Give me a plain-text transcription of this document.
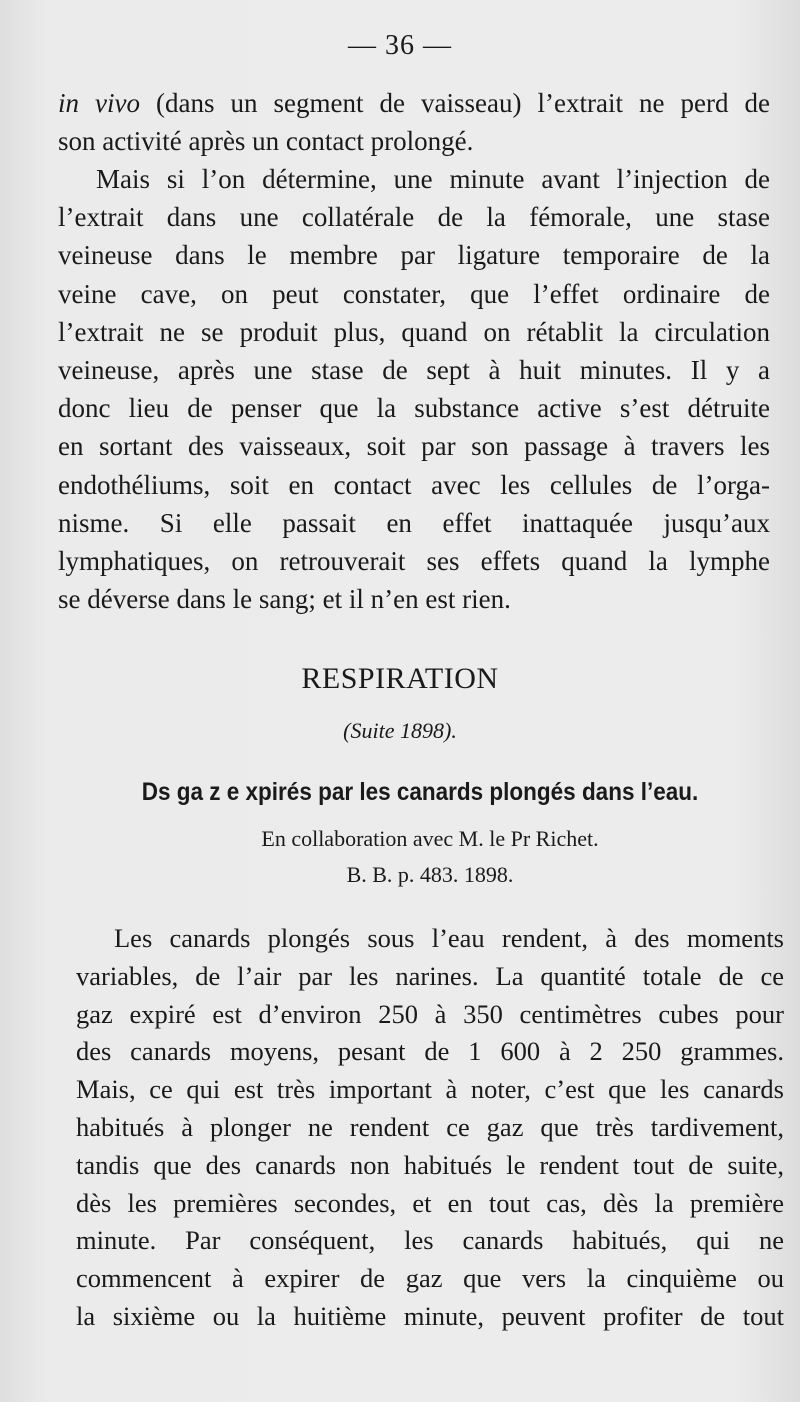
— 36 —
in vivo (dans un segment de vaisseau) l’extrait ne perd de
son activité après un contact prolongé.
Mais si l’on détermine, une minute avant l’injection de
l’extrait dans une collatérale de la fémorale, une stase
veineuse dans le membre par ligature temporaire de la
veine cave, on peut constater, que l’effet ordinaire de
l’extrait ne se produit plus, quand on rétablit la circulation
veineuse, après une stase de sept à huit minutes. Il y a
donc lieu de penser que la substance active s’est détruite
en sortant des vaisseaux, soit par son passage à travers les
endothéliums, soit en contact avec les cellules de l’orga-
nisme. Si elle passait en effet inattaquée jusqu’aux
lymphatiques, on retrouverait ses effets quand la lymphe
se déverse dans le sang; et il n’en est rien.
RESPIRATION
(Suite 1898).
Ds ga z e xpirés par les canards plongés dans l’eau.
En collaboration avec M. le Pr Richet.
B. B. p. 483. 1898.
Les canards plongés sous l’eau rendent, à des moments
variables, de l’air par les narines. La quantité totale de ce
gaz expiré est d’environ 250 à 350 centimètres cubes pour
des canards moyens, pesant de 1 600 à 2 250 grammes.
Mais, ce qui est très important à noter, c’est que les canards
habitués à plonger ne rendent ce gaz que très tardivement,
tandis que des canards non habitués le rendent tout de suite,
dès les premières secondes, et en tout cas, dès la première
minute. Par conséquent, les canards habitués, qui ne
commencent à expirer de gaz que vers la cinquième ou
la sixième ou la huitième minute, peuvent profiter de tout
